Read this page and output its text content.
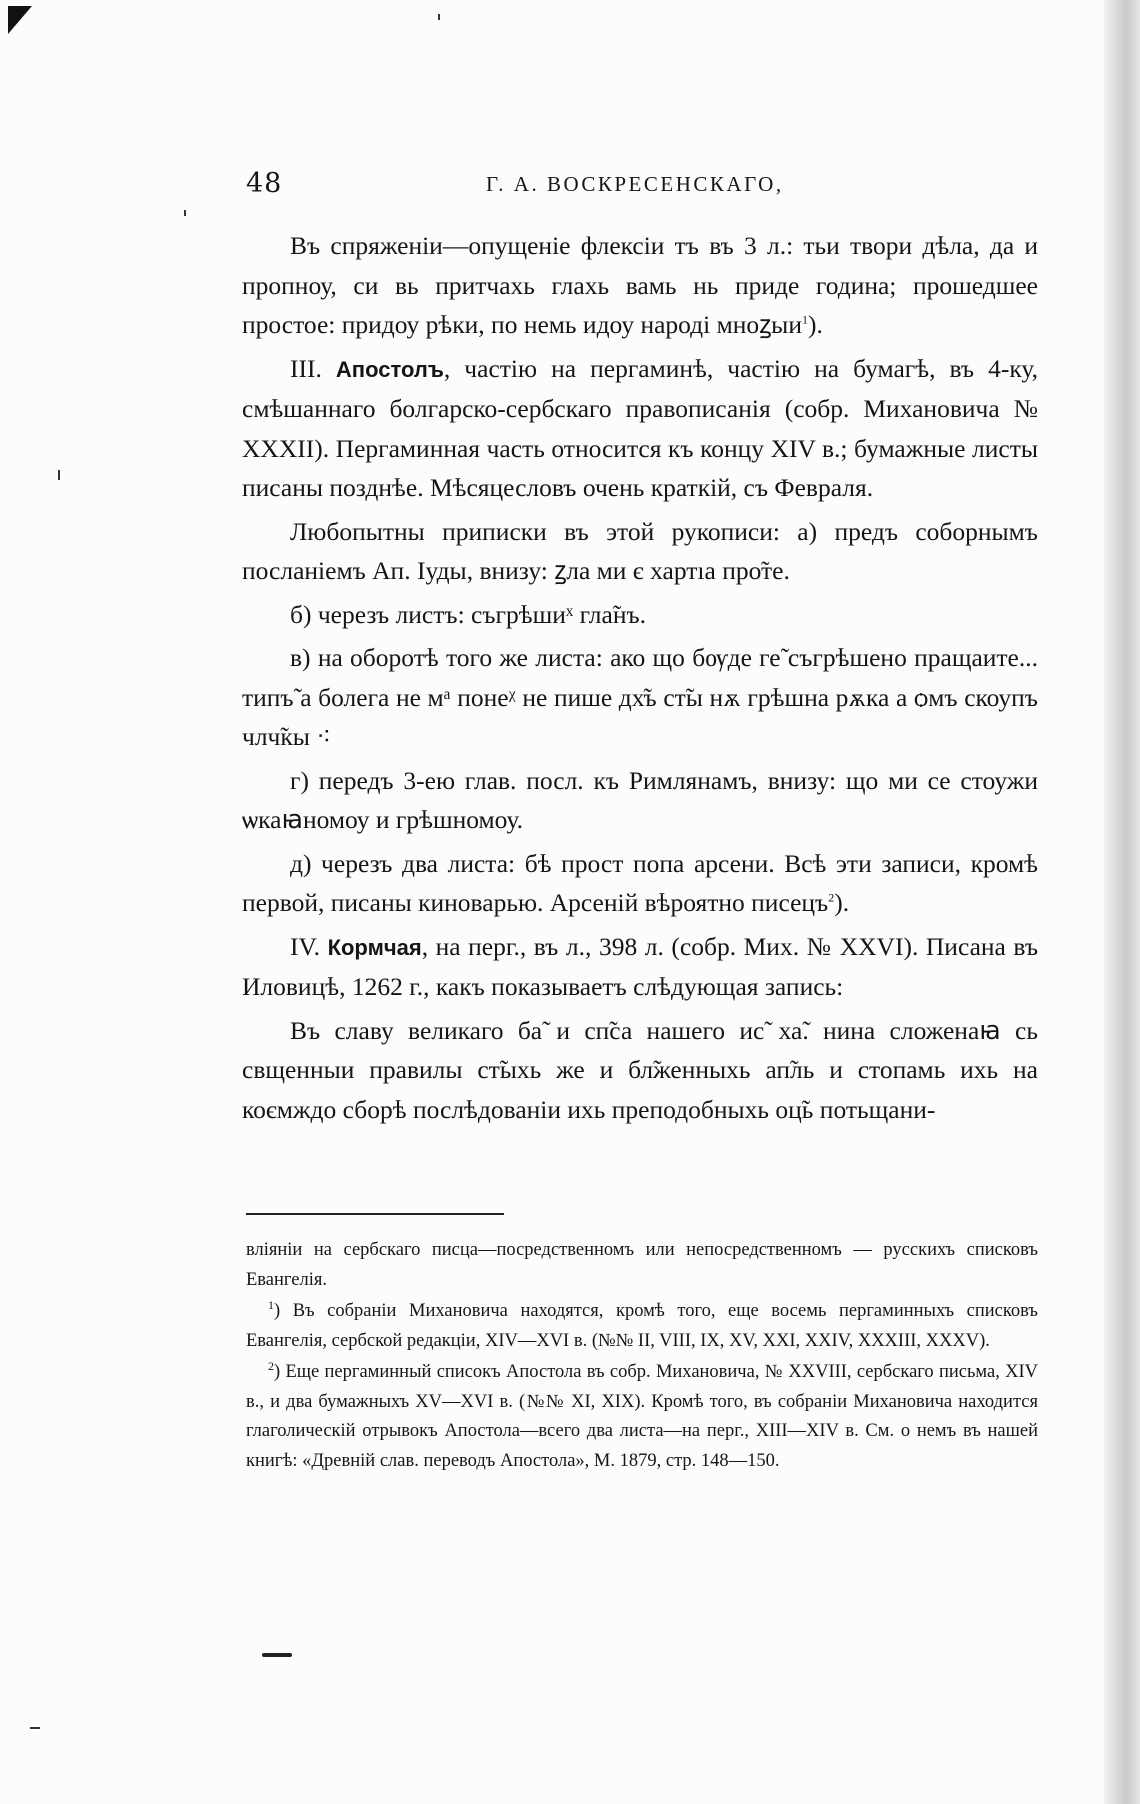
48	Г. А. ВОСКРЕСЕНСКАГО,

Въ спряженіи—опущеніе флексіи тъ въ 3 л.: тьи твори дѣла, да и пропноу, си вь притчахь глахь вамь нь приде година; прошедшее простое: придоу рѣки, по немь идоу народі мноꙁыи$^1$).

III. Апостолъ, частію на пергаминѣ, частію на бумагѣ, въ 4-ку, смѣшаннаго болгарско-сербскаго правописанія (собр. Михановича № XXXII). Пергаминная часть относится къ концу XIV в.; бумажные листы писаны позднѣе. Мѣсяцесловъ очень краткій, съ Февраля.

Любопытны приписки въ этой рукописи: а) предъ соборнымъ посланіемъ Ап. Іуды, внизу: ꙁла ми є хартıа про̃те.

б) черезъ листъ: съгрѣшиˣ гла̃нъ.

в) на оборотѣ того же листа: ако що бѹде ге̃ съгрѣшено пращаите... типъ̃ а болега не мᵃ понеᵡ не пише дх̃ъ ст̃ы нѫ грѣшна рѫка а ѻмъ скоупъ члч̃кы ⁖

г) передъ 3-ею глав. посл. къ Римлянамъ, внизу: що ми се стоужи ѡкаꙗномоу и грѣшномоу.

д) черезъ два листа: бѣ прост попа арсени. Всѣ эти записи, кромѣ первой, писаны киноварью. Арсеній вѣроятно писецъ$^2$).

IV. Кормчая, на перг., въ л., 398 л. (собр. Мих. № XXVI). Писана въ Иловицѣ, 1262 г., какъ показываетъ слѣдующая запись:

Въ славу великаго ба̃ и сп̃са нашего ис̃ ха̃. нина сложенаꙗ сь свщенныи правилы ст̃ыхь же и бл̃женныхь ап̃ль и стопамь ихь на коємждо сборѣ послѣдованіи ихь преподобныхь оц̃ь потьщани-

вліяніи на сербскаго писца—посредственномъ или непосредственномъ — русскихъ списковъ Евангелія.

$^1$) Въ собраніи Михановича находятся, кромѣ того, еще восемь пергаминныхъ списковъ Евангелія, сербской редакціи, XIV—XVI в. (№№ II, VIII, IX, XV, XXI, XXIV, XXXIII, XXXV).

$^2$) Еще пергаминный списокъ Апостола въ собр. Михановича, № XXVIII, сербскаго письма, XIV в., и два бумажныхъ XV—XVI в. (№№ XI, XIX). Кромѣ того, въ собраніи Михановича находится глаголическій отрывокъ Апостола—всего два листа—на перг., XIII—XIV в. См. о немъ въ нашей книгѣ: «Древній слав. переводъ Апостола», М. 1879, стр. 148—150.
